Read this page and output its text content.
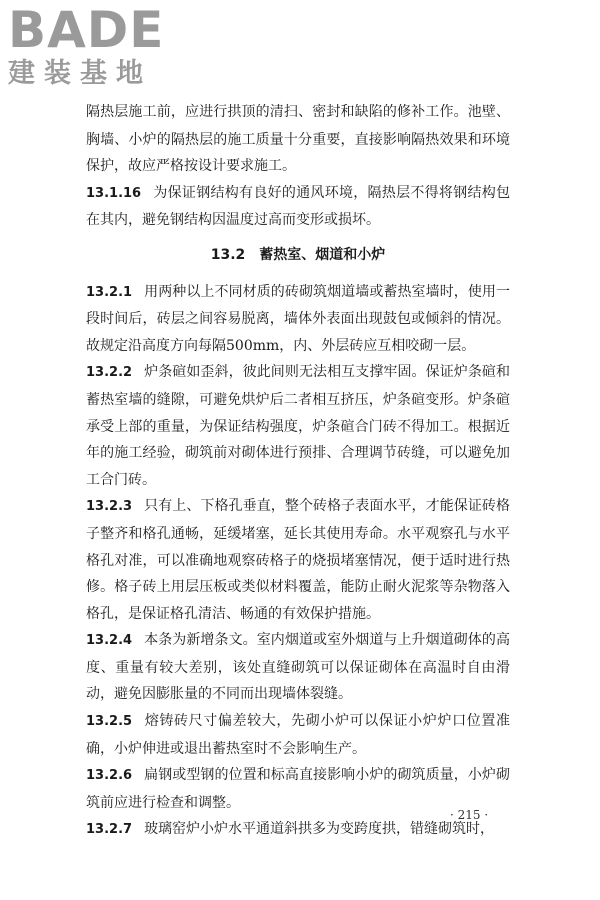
BADE
建装基地

隔热层施工前，应进行拱顶的清扫、密封和缺陷的修补工作。池壁、胸墙、小炉的隔热层的施工质量十分重要，直接影响隔热效果和环境保护，故应严格按设计要求施工。

13.1.16 为保证钢结构有良好的通风环境，隔热层不得将钢结构包在其内，避免钢结构因温度过高而变形或损坏。

13.2 蓄热室、烟道和小炉

13.2.1 用两种以上不同材质的砖砌筑烟道墙或蓄热室墙时，使用一段时间后，砖层之间容易脱离，墙体外表面出现鼓包或倾斜的情况。故规定沿高度方向每隔500mm，内、外层砖应互相咬砌一层。

13.2.2 炉条碹如歪斜，彼此间则无法相互支撑牢固。保证炉条碹和蓄热室墙的缝隙，可避免烘炉后二者相互挤压，炉条碹变形。炉条碹承受上部的重量，为保证结构强度，炉条碹合门砖不得加工。根据近年的施工经验，砌筑前对砌体进行预排、合理调节砖缝，可以避免加工合门砖。

13.2.3 只有上、下格孔垂直，整个砖格子表面水平，才能保证砖格子整齐和格孔通畅，延缓堵塞，延长其使用寿命。水平观察孔与水平格孔对准，可以准确地观察砖格子的烧损堵塞情况，便于适时进行热修。格子砖上用层压板或类似材料覆盖，能防止耐火泥浆等杂物落入格孔，是保证格孔清洁、畅通的有效保护措施。

13.2.4 本条为新增条文。室内烟道或室外烟道与上升烟道砌体的高度、重量有较大差别，该处直缝砌筑可以保证砌体在高温时自由滑动，避免因膨胀量的不同而出现墙体裂缝。

13.2.5 熔铸砖尺寸偏差较大，先砌小炉可以保证小炉炉口位置准确，小炉伸进或退出蓄热室时不会影响生产。

13.2.6 扁钢或型钢的位置和标高直接影响小炉的砌筑质量，小炉砌筑前应进行检查和调整。

13.2.7 玻璃窑炉小炉水平通道斜拱多为变跨度拱，错缝砌筑时，

· 215 ·
